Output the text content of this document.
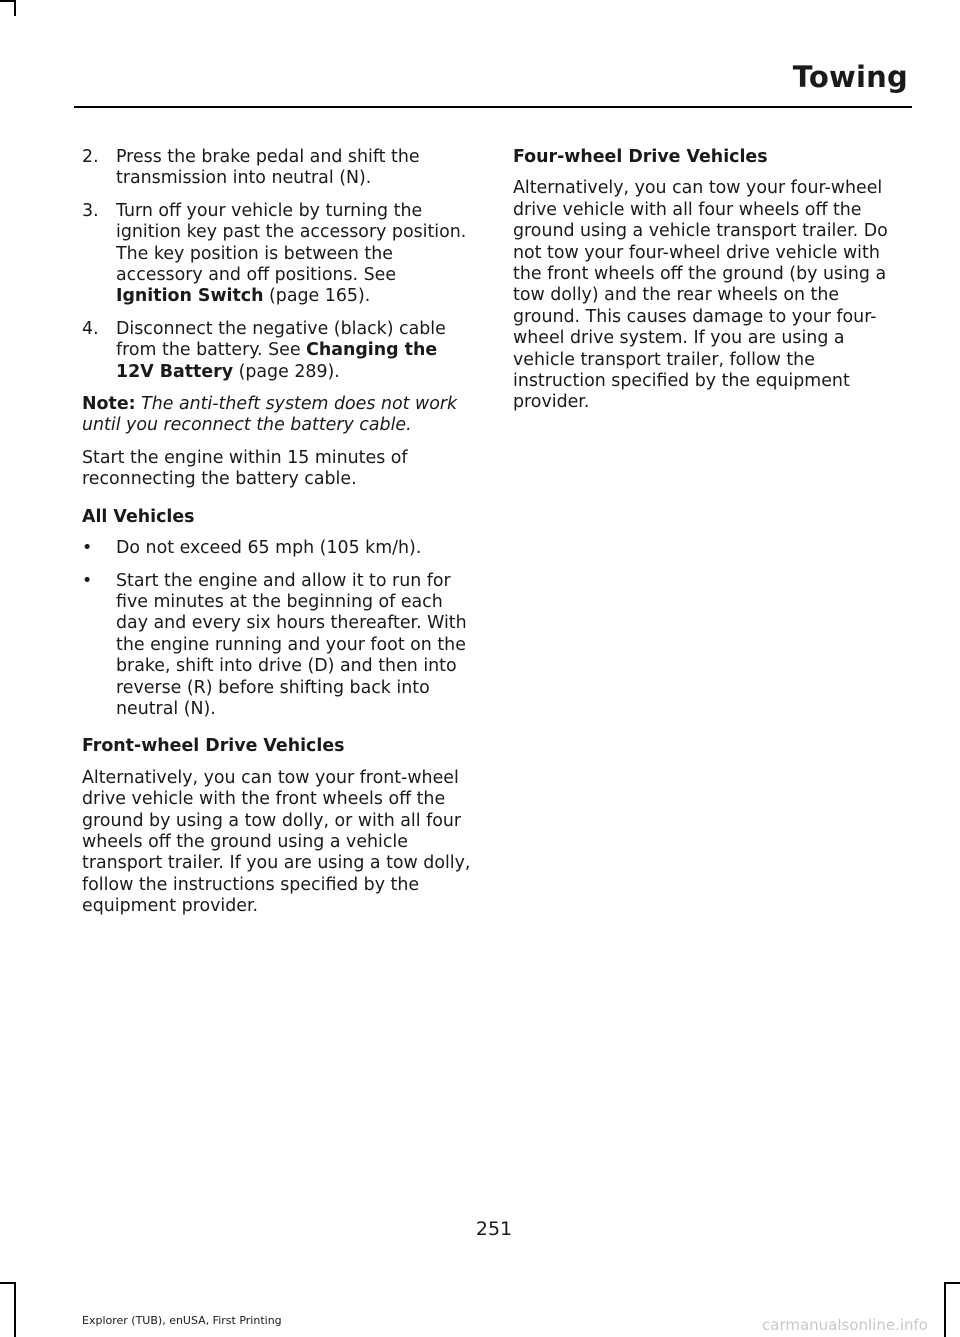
Towing
2. Press the brake pedal and shift the transmission into neutral (N).
3. Turn off your vehicle by turning the ignition key past the accessory position. The key position is between the accessory and off positions. See Ignition Switch (page 165).
4. Disconnect the negative (black) cable from the battery. See Changing the 12V Battery (page 289).

Note: The anti-theft system does not work until you reconnect the battery cable.

Start the engine within 15 minutes of reconnecting the battery cable.

All Vehicles
• Do not exceed 65 mph (105 km/h).
• Start the engine and allow it to run for five minutes at the beginning of each day and every six hours thereafter. With the engine running and your foot on the brake, shift into drive (D) and then into reverse (R) before shifting back into neutral (N).
Front-wheel Drive Vehicles

Alternatively, you can tow your front-wheel drive vehicle with the front wheels off the ground by using a tow dolly, or with all four wheels off the ground using a vehicle transport trailer. If you are using a tow dolly, follow the instructions specified by the equipment provider.

Four-wheel Drive Vehicles

Alternatively, you can tow your four-wheel drive vehicle with all four wheels off the ground using a vehicle transport trailer. Do not tow your four-wheel drive vehicle with the front wheels off the ground (by using a tow dolly) and the rear wheels on the ground. This causes damage to your four-wheel drive system. If you are using a vehicle transport trailer, follow the instruction specified by the equipment provider.

251
Explorer (TUB), enUSA, First Printing	carmanualsonline.info
